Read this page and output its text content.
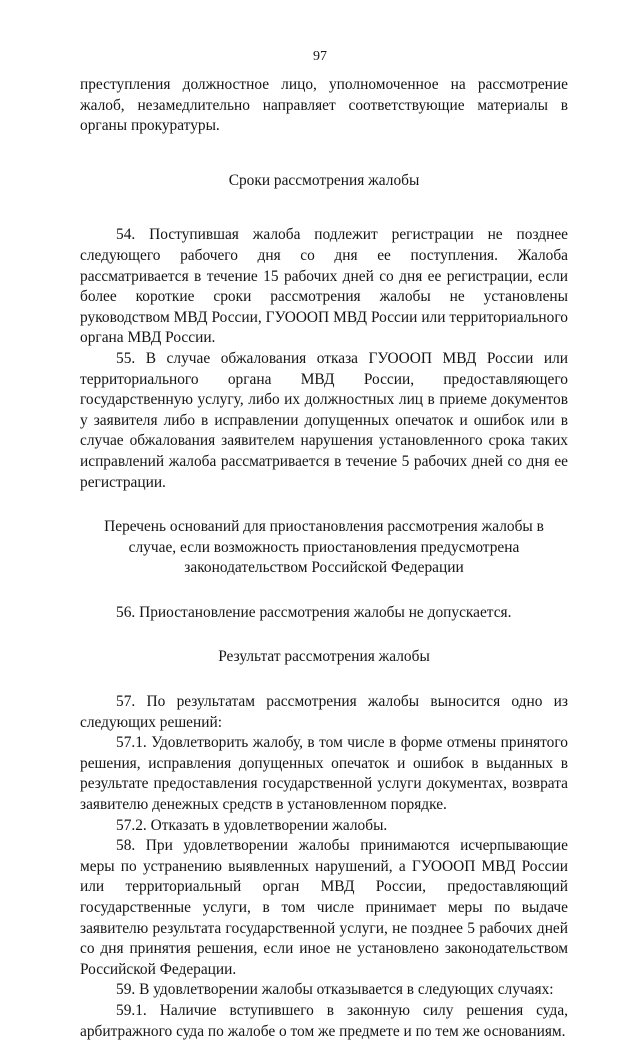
97

преступления должностное лицо, уполномоченное на рассмотрение жалоб, незамедлительно направляет соответствующие материалы в органы прокуратуры.

Сроки рассмотрения жалобы

54. Поступившая жалоба подлежит регистрации не позднее следующего рабочего дня со дня ее поступления. Жалоба рассматривается в течение 15 рабочих дней со дня ее регистрации, если более короткие сроки рассмотрения жалобы не установлены руководством МВД России, ГУОООП МВД России или территориального органа МВД России.

55. В случае обжалования отказа ГУОООП МВД России или территориального органа МВД России, предоставляющего государственную услугу, либо их должностных лиц в приеме документов у заявителя либо в исправлении допущенных опечаток и ошибок или в случае обжалования заявителем нарушения установленного срока таких исправлений жалоба рассматривается в течение 5 рабочих дней со дня ее регистрации.

Перечень оснований для приостановления рассмотрения жалобы в случае, если возможность приостановления предусмотрена законодательством Российской Федерации

56. Приостановление рассмотрения жалобы не допускается.

Результат рассмотрения жалобы

57. По результатам рассмотрения жалобы выносится одно из следующих решений:

57.1. Удовлетворить жалобу, в том числе в форме отмены принятого решения, исправления допущенных опечаток и ошибок в выданных в результате предоставления государственной услуги документах, возврата заявителю денежных средств в установленном порядке.

57.2. Отказать в удовлетворении жалобы.

58. При удовлетворении жалобы принимаются исчерпывающие меры по устранению выявленных нарушений, а ГУОООП МВД России или территориальный орган МВД России, предоставляющий государственные услуги, в том числе принимает меры по выдаче заявителю результата государственной услуги, не позднее 5 рабочих дней со дня принятия решения, если иное не установлено законодательством Российской Федерации.

59. В удовлетворении жалобы отказывается в следующих случаях:

59.1. Наличие вступившего в законную силу решения суда, арбитражного суда по жалобе о том же предмете и по тем же основаниям.
